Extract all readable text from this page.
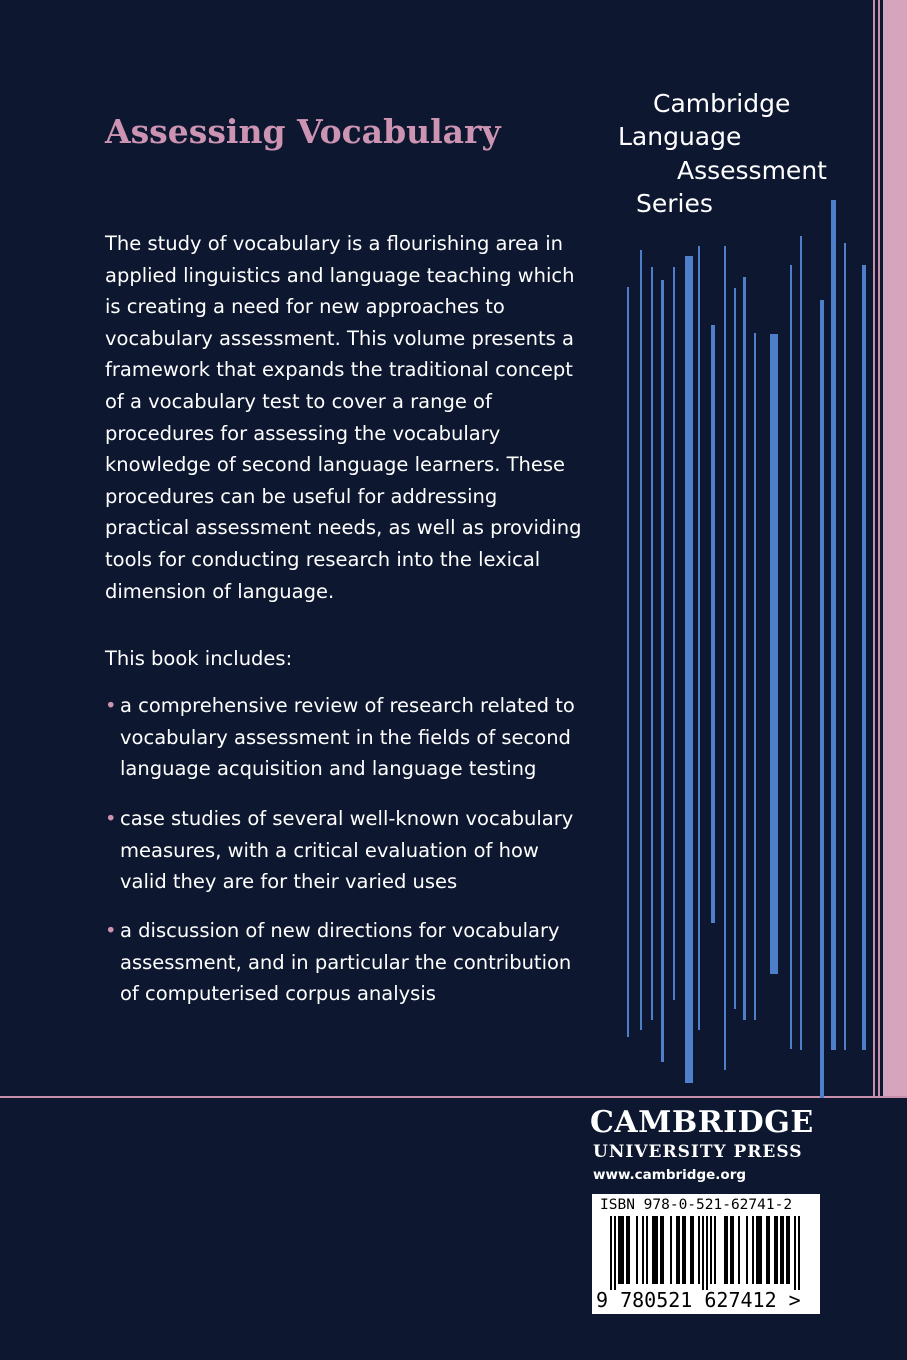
Assessing Vocabulary
Cambridge
Language
Assessment
Series

The study of vocabulary is a flourishing area in applied linguistics and language teaching which is creating a need for new approaches to vocabulary assessment. This volume presents a framework that expands the traditional concept of a vocabulary test to cover a range of procedures for assessing the vocabulary knowledge of second language learners. These procedures can be useful for addressing practical assessment needs, as well as providing tools for conducting research into the lexical dimension of language.

This book includes:
• a comprehensive review of research related to vocabulary assessment in the fields of second language acquisition and language testing
• case studies of several well-known vocabulary measures, with a critical evaluation of how valid they are for their varied uses
• a discussion of new directions for vocabulary assessment, and in particular the contribution of computerised corpus analysis
CAMBRIDGE
UNIVERSITY PRESS
www.cambridge.org
ISBN 978-0-521-62741-2
9 780521 627412 >
